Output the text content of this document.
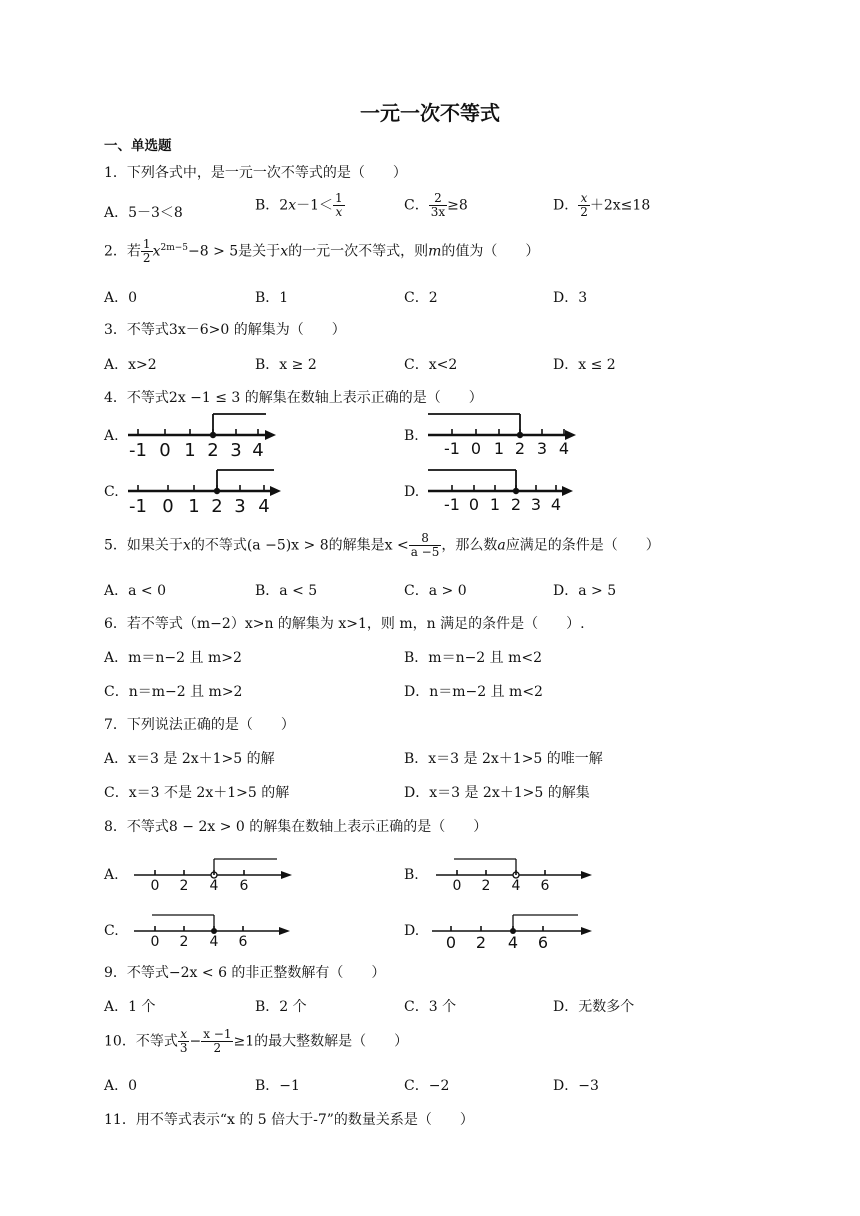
一元一次不等式
一、单选题
1．下列各式中，是一元一次不等式的是（　　）
A．5－3＜8	B．$2x-1< \frac{1}{x}$	C． $\frac{2}{3x} \ge 8$	D． $\frac{x}{2} +2x\le 18$
2．若 $\frac{1}{2} x^{2m-5}-8 > 5$是关于x的一元一次不等式，则m的值为（　　）
A．0	B．1	C．2	D．3
3．不等式3x－6>0 的解集为（　　）
A．x>2	B．x ≥ 2	C．x<2	D．x ≤ 2
4．不等式2x −1 ≤ 3 的解集在数轴上表示正确的是（　　）
A.	B.
C.	D.
-1 0 1 2 3 4	-1 0 1 2 3 4
-1 0 1 2 3 4	-1 0 1 2 3 4
5．如果关于x的不等式(a −5)x > 8的解集是$x < \frac{8}{a -5}$ ，那么数a应满足的条件是（　　）
A．a < 0	B．a < 5	C．a > 0	D．a > 5
6．若不等式（m−2）x>n 的解集为 x>1，则 m，n 满足的条件是（　　）.
A．m＝n−2 且 m>2	B．m＝n−2 且 m<2
C．n＝m−2 且 m>2	D．n＝m−2 且 m<2
7．下列说法正确的是（　　）
A．x＝3 是 2x＋1>5 的解	B．x＝3 是 2x＋1>5 的唯一解
C．x＝3 不是 2x＋1>5 的解	D．x＝3 是 2x＋1>5 的解集
8．不等式8 − 2x > 0 的解集在数轴上表示正确的是（　　）
A.	B.
C.	D.
0 2 4 6	0 2 4 6
0 2 4 6	0 2 4 6
9．不等式−2x < 6 的非正整数解有（　　）
A．1 个	B．2 个	C．3 个	D．无数多个
10．不等式 $\frac{x}{3} - \frac{x -1}{2} \ge 1$的最大整数解是（　　）
A．0	B．−1	C．−2	D．−3
11．用不等式表示“x 的 5 倍大于-7”的数量关系是（　　）
